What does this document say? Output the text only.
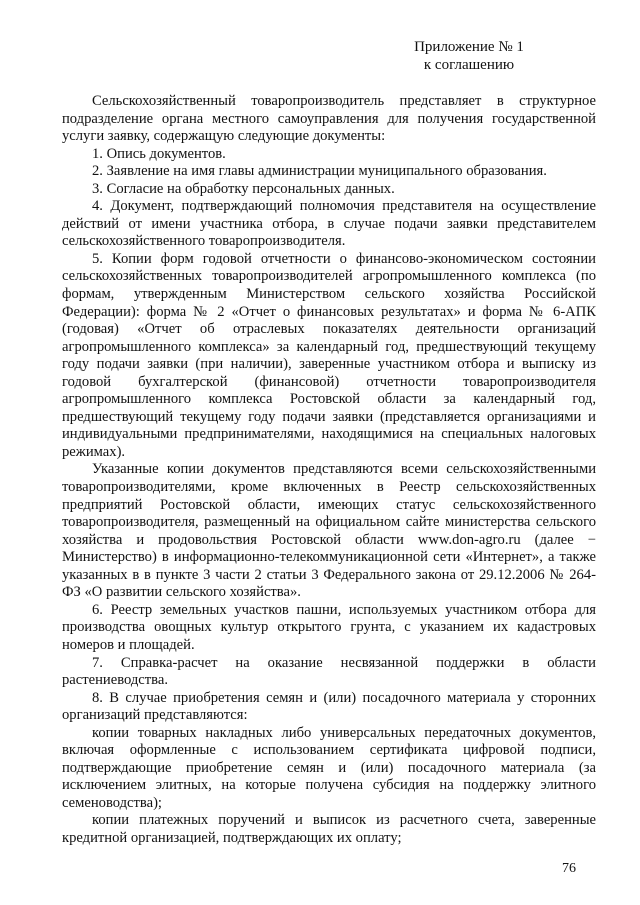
Приложение № 1
к соглашению

Сельскохозяйственный товаропроизводитель представляет в структурное подразделение органа местного самоуправления для получения государственной услуги заявку, содержащую следующие документы:

1. Опись документов.

2. Заявление на имя главы администрации муниципального образования.

3. Согласие на обработку персональных данных.

4. Документ, подтверждающий полномочия представителя на осуществление действий от имени участника отбора, в случае подачи заявки представителем сельскохозяйственного товаропроизводителя.

5. Копии форм годовой отчетности о финансово-экономическом состоянии сельскохозяйственных товаропроизводителей агропромышленного комплекса (по формам, утвержденным Министерством сельского хозяйства Российской Федерации): форма № 2 «Отчет о финансовых результатах» и форма № 6-АПК (годовая) «Отчет об отраслевых показателях деятельности организаций агропромышленного комплекса» за календарный год, предшествующий текущему году подачи заявки (при наличии), заверенные участником отбора и выписку из годовой бухгалтерской (финансовой) отчетности товаропроизводителя агропромышленного комплекса Ростовской области за календарный год, предшествующий текущему году подачи заявки (представляется организациями и индивидуальными предпринимателями, находящимися на специальных налоговых режимах).

Указанные копии документов представляются всеми сельскохозяйственными товаропроизводителями, кроме включенных в Реестр сельскохозяйственных предприятий Ростовской области, имеющих статус сельскохозяйственного товаропроизводителя, размещенный на официальном сайте министерства сельского хозяйства и продовольствия Ростовской области www.don-agro.ru (далее − Министерство) в информационно-телекоммуникационной сети «Интернет», а также указанных в в пункте 3 части 2 статьи 3 Федерального закона от 29.12.2006 № 264-ФЗ «О развитии сельского хозяйства».

6. Реестр земельных участков пашни, используемых участником отбора для производства овощных культур открытого грунта, с указанием их кадастровых номеров и площадей.

7. Справка-расчет на оказание несвязанной поддержки в области растениеводства.

8. В случае приобретения семян и (или) посадочного материала у сторонних организаций представляются:

копии товарных накладных либо универсальных передаточных документов, включая оформленные с использованием сертификата цифровой подписи, подтверждающие приобретение семян и (или) посадочного материала (за исключением элитных, на которые получена субсидия на поддержку элитного семеноводства);

копии платежных поручений и выписок из расчетного счета, заверенные кредитной организацией, подтверждающих их оплату;

76
